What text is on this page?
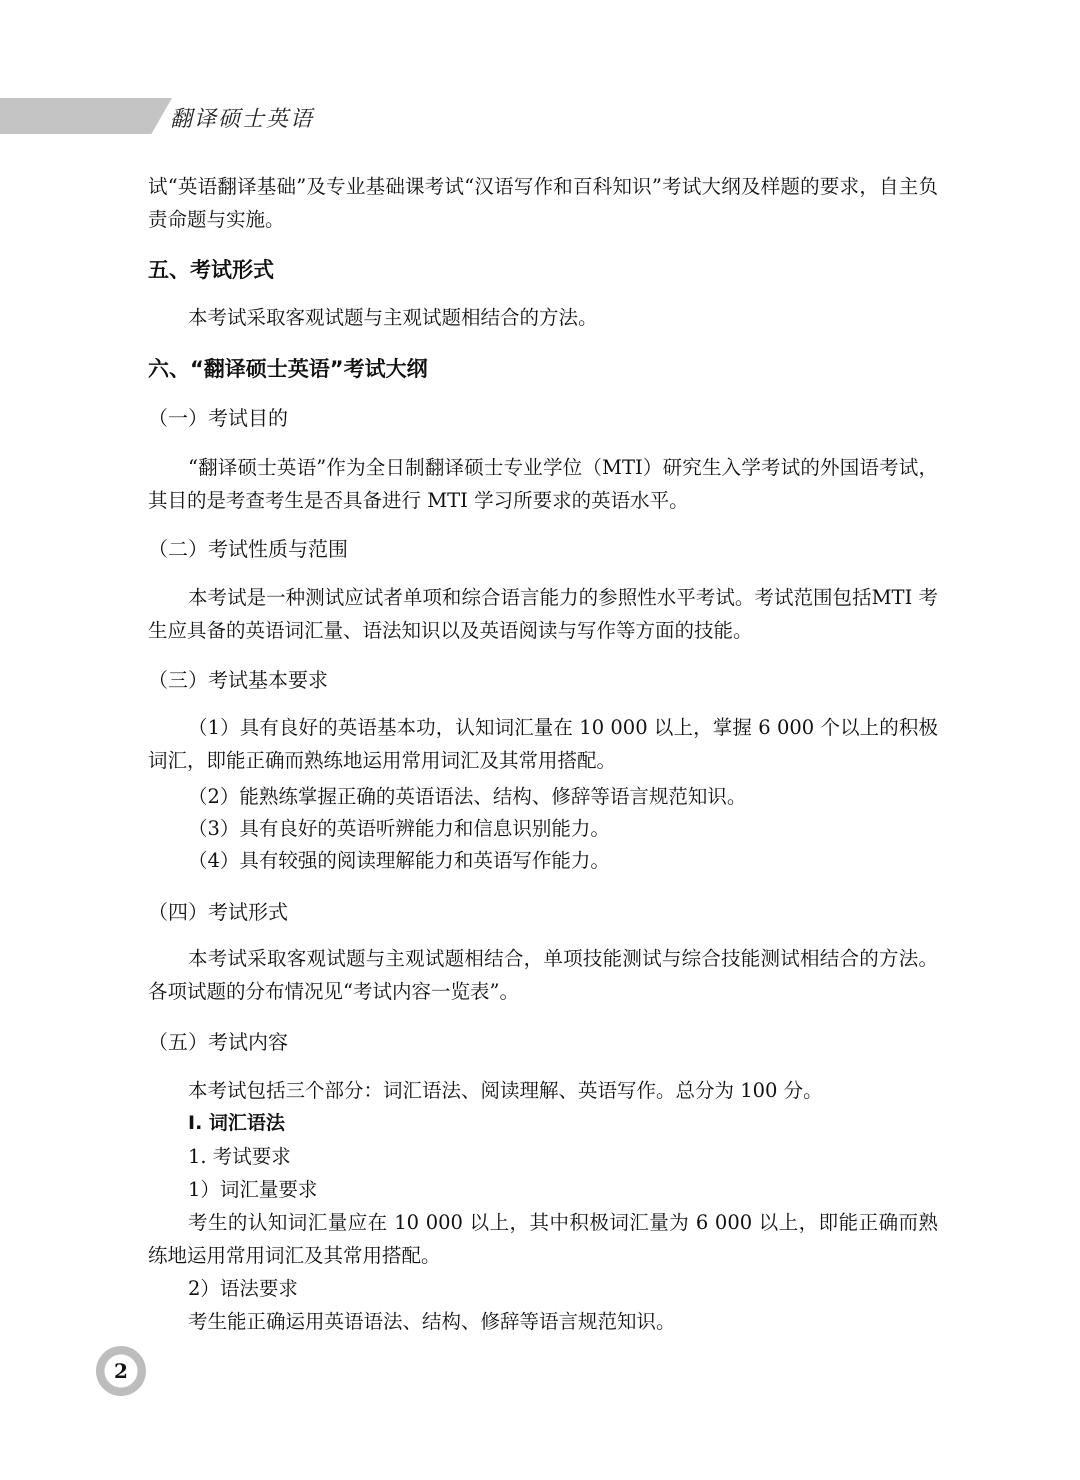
翻译硕士英语
试“英语翻译基础”及专业基础课考试“汉语写作和百科知识”考试大纲及样题的要求，自主负责命题与实施。
五、考试形式
本考试采取客观试题与主观试题相结合的方法。
六、“翻译硕士英语”考试大纲
（一）考试目的
“翻译硕士英语”作为全日制翻译硕士专业学位（MTI）研究生入学考试的外国语考试，其目的是考查考生是否具备进行 MTI 学习所要求的英语水平。
（二）考试性质与范围
本考试是一种测试应试者单项和综合语言能力的参照性水平考试。考试范围包括MTI 考生应具备的英语词汇量、语法知识以及英语阅读与写作等方面的技能。
（三）考试基本要求
（1）具有良好的英语基本功，认知词汇量在 10 000 以上，掌握 6 000 个以上的积极词汇，即能正确而熟练地运用常用词汇及其常用搭配。
（2）能熟练掌握正确的英语语法、结构、修辞等语言规范知识。
（3）具有良好的英语听辨能力和信息识别能力。
（4）具有较强的阅读理解能力和英语写作能力。
（四）考试形式
本考试采取客观试题与主观试题相结合，单项技能测试与综合技能测试相结合的方法。各项试题的分布情况见“考试内容一览表”。
（五）考试内容
本考试包括三个部分：词汇语法、阅读理解、英语写作。总分为 100 分。
Ⅰ. 词汇语法
1. 考试要求
1）词汇量要求
考生的认知词汇量应在 10 000 以上，其中积极词汇量为 6 000 以上，即能正确而熟练地运用常用词汇及其常用搭配。
2）语法要求
考生能正确运用英语语法、结构、修辞等语言规范知识。
2
